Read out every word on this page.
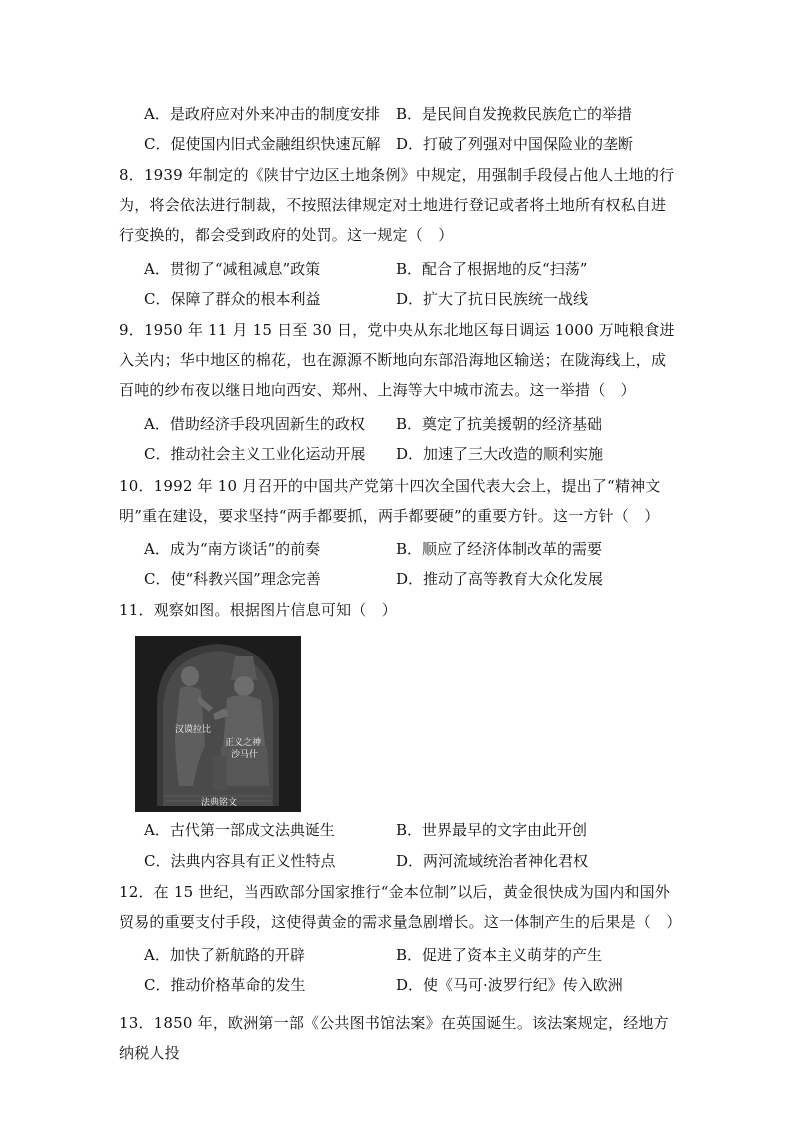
A．是政府应对外来冲击的制度安排 B．是民间自发挽救民族危亡的举措
C．促使国内旧式金融组织快速瓦解 D．打破了列强对中国保险业的垄断
8．1939 年制定的《陕甘宁边区土地条例》中规定，用强制手段侵占他人土地的行为，将会依法进行制裁，不按照法律规定对土地进行登记或者将土地所有权私自进行变换的，都会受到政府的处罚。这一规定（　）
A．贯彻了“减租减息”政策	B．配合了根据地的反“扫荡”
C．保障了群众的根本利益	D．扩大了抗日民族统一战线
9．1950 年 11 月 15 日至 30 日，党中央从东北地区每日调运 1000 万吨粮食进入关内；华中地区的棉花，也在源源不断地向东部沿海地区输送；在陇海线上，成百吨的纱布夜以继日地向西安、郑州、上海等大中城市流去。这一举措（　）
A．借助经济手段巩固新生的政权 B．奠定了抗美援朝的经济基础
C．推动社会主义工业化运动开展 D．加速了三大改造的顺利实施
10．1992 年 10 月召开的中国共产党第十四次全国代表大会上，提出了“精神文明”重在建设，要求坚持“两手都要抓，两手都要硬”的重要方针。这一方针（　）
A．成为“南方谈话”的前奏	B．顺应了经济体制改革的需要
C．使“科教兴国”理念完善	D．推动了高等教育大众化发展
11．观察如图。根据图片信息可知（　）
汉谟拉比
正义之神
沙马什
法典铭文
A．古代第一部成文法典诞生	B．世界最早的文字由此开创
C．法典内容具有正义性特点	D．两河流域统治者神化君权
12．在 15 世纪，当西欧部分国家推行“金本位制”以后，黄金很快成为国内和国外贸易的重要支付手段，这使得黄金的需求量急剧增长。这一体制产生的后果是（　）
A．加快了新航路的开辟	B．促进了资本主义萌芽的产生
C．推动价格革命的发生	D．使《马可·波罗行纪》传入欧洲
13．1850 年，欧洲第一部《公共图书馆法案》在英国诞生。该法案规定，经地方纳税人投
